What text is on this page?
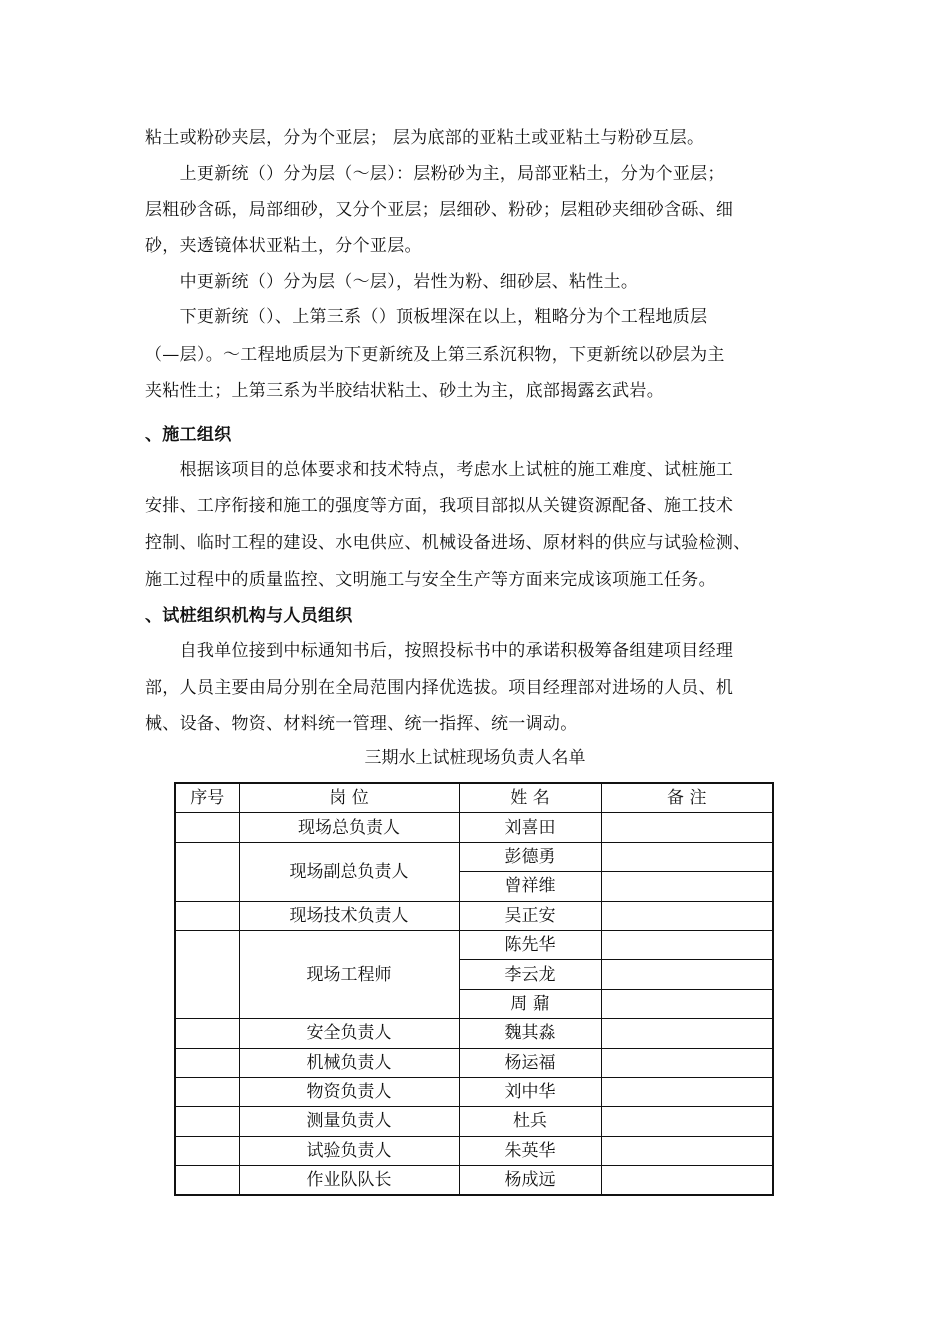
粘土或粉砂夹层，分为个亚层； 层为底部的亚粘土或亚粘土与粉砂互层。
　　上更新统（）分为层（～层）：层粉砂为主，局部亚粘土，分为个亚层；
层粗砂含砾，局部细砂，又分个亚层；层细砂、粉砂；层粗砂夹细砂含砾、细
砂，夹透镜体状亚粘土，分个亚层。
　　中更新统（）分为层（～层），岩性为粉、细砂层、粘性土。
　　下更新统（）、上第三系（）顶板埋深在以上，粗略分为个工程地质层
（—层）。～工程地质层为下更新统及上第三系沉积物，下更新统以砂层为主
夹粘性土；上第三系为半胶结状粘土、砂土为主，底部揭露玄武岩。
、施工组织
　　根据该项目的总体要求和技术特点，考虑水上试桩的施工难度、试桩施工
安排、工序衔接和施工的强度等方面，我项目部拟从关键资源配备、施工技术
控制、临时工程的建设、水电供应、机械设备进场、原材料的供应与试验检测、
施工过程中的质量监控、文明施工与安全生产等方面来完成该项施工任务。
、试桩组织机构与人员组织
　　自我单位接到中标通知书后，按照投标书中的承诺积极筹备组建项目经理
部，人员主要由局分别在全局范围内择优选拔。项目经理部对进场的人员、机
械、设备、物资、材料统一管理、统一指挥、统一调动。
三期水上试桩现场负责人名单
序号	岗 位	姓 名	备 注
	现场总负责人	刘喜田	
	现场副总负责人	彭德勇	
		曾祥维	
	现场技术负责人	吴正安	
	现场工程师	陈先华	
		李云龙	
		周 鼐	
	安全负责人	魏其淼	
	机械负责人	杨运福	
	物资负责人	刘中华	
	测量负责人	杜兵	
	试验负责人	朱英华	
	作业队队长	杨成远	
